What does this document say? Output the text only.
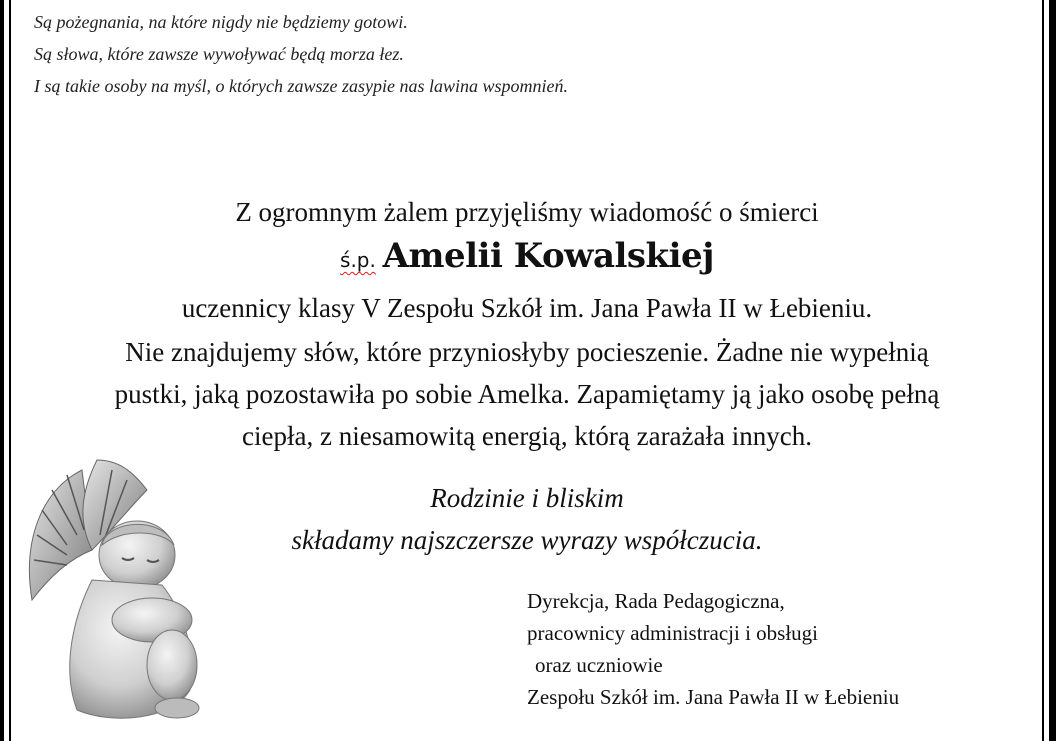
Są pożegnania, na które nigdy nie będziemy gotowi.
Są słowa, które zawsze wywoływać będą morza łez.
I są takie osoby na myśl, o których zawsze zasypie nas lawina wspomnień.
Z ogromnym żalem przyjęliśmy wiadomość o śmierci
ś.p. Amelii Kowalskiej
uczennicy klasy V Zespołu Szkół im. Jana Pawła II w Łebieniu.
Nie znajdujemy słów, które przyniosłyby pocieszenie. Żadne nie wypełnią
pustki, jaką pozostawiła po sobie Amelka. Zapamiętamy ją jako osobę pełną
ciepła, z niesamowitą energią, którą zarażała innych.
Rodzinie i bliskim
składamy najszczersze wyrazy współczucia.
Dyrekcja, Rada Pedagogiczna,
pracownicy administracji i obsługi
oraz uczniowie
Zespołu Szkół im. Jana Pawła II w Łebieniu
